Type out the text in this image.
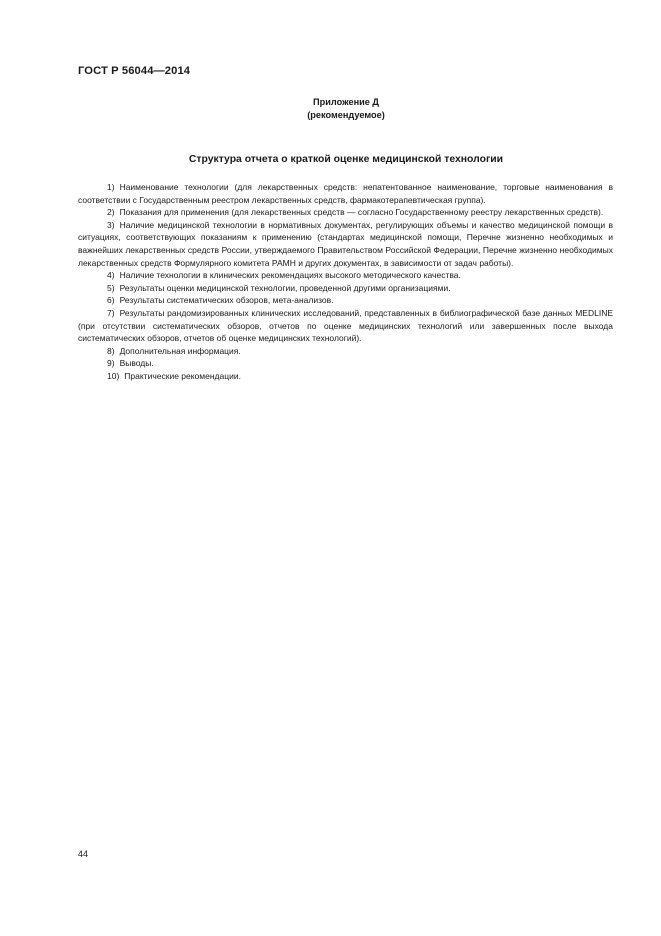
ГОСТ Р 56044—2014
Приложение Д
(рекомендуемое)
Структура отчета о краткой оценке медицинской технологии

1) Наименование технологии (для лекарственных средств: непатентованное наименование, торговые наименования в соответствии с Государственным реестром лекарственных средств, фармакотерапевтическая группа).

2) Показания для применения (для лекарственных средств — согласно Государственному реестру лекарственных средств).

3) Наличие медицинской технологии в нормативных документах, регулирующих объемы и качество медицинской помощи в ситуациях, соответствующих показаниям к применению (стандартах медицинской помощи, Перечне жизненно необходимых и важнейших лекарственных средств России, утверждаемого Правительством Российской Федерации, Перечне жизненно необходимых лекарственных средств Формулярного комитета РАМН и других документах, в зависимости от задач работы).

4) Наличие технологии в клинических рекомендациях высокого методического качества.

5) Результаты оценки медицинской технологии, проведенной другими организациями.

6) Результаты систематических обзоров, мета-анализов.

7) Результаты рандомизированных клинических исследований, представленных в библиографической базе данных MEDLINE (при отсутствии систематических обзоров, отчетов по оценке медицинских технологий или завершенных после выхода систематических обзоров, отчетов об оценке медицинских технологий).

8) Дополнительная информация.

9) Выводы.

10) Практические рекомендации.

44
